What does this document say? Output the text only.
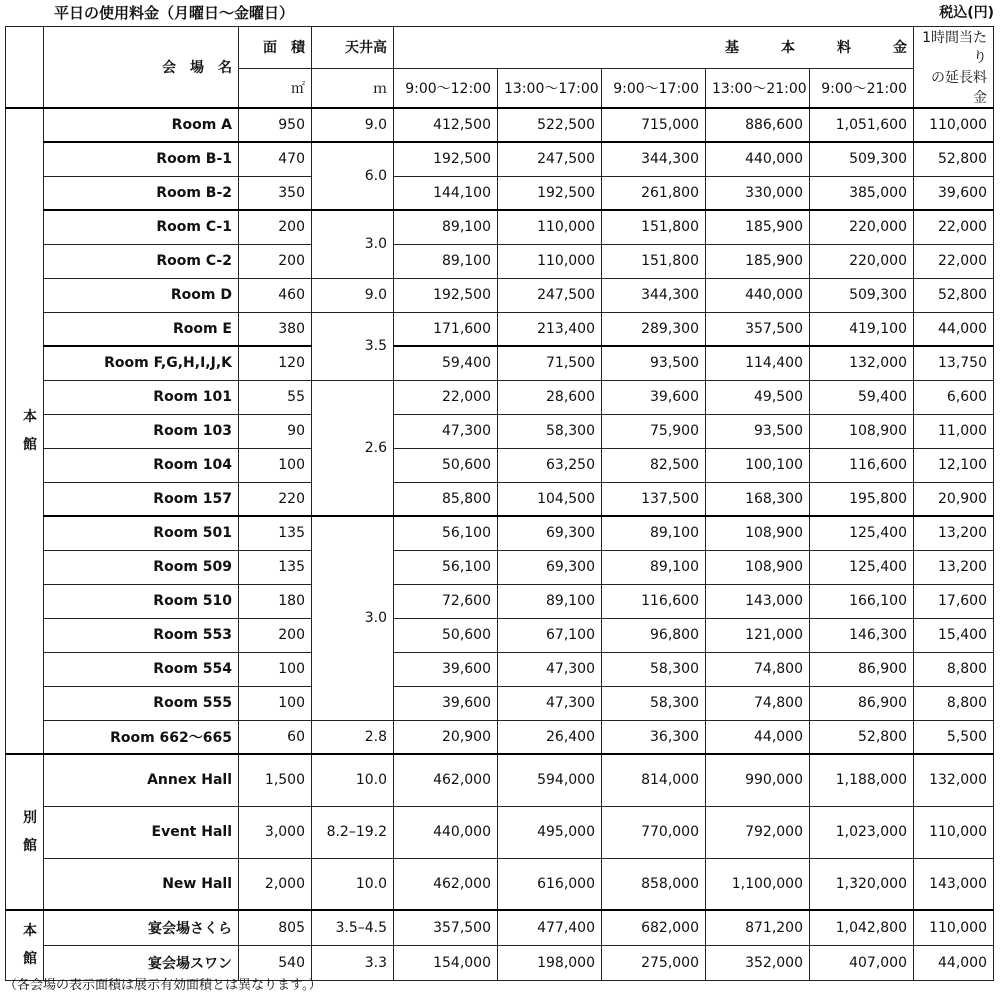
平日の使用料金（月曜日～金曜日）	税込(円)
	会　場　名	面　積	天井高	基　　　本　　　料　　　金					1時間当たり
の延長料金
		㎡	ｍ	9:00～12:00	13:00～17:00	9:00～17:00	13:00～21:00	9:00～21:00	
本
館	Room A	950	9.0	412,500	522,500	715,000	886,600	1,051,600	110,000
	Room B-1	470	6.0	192,500	247,500	344,300	440,000	509,300	52,800
	Room B-2	350		144,100	192,500	261,800	330,000	385,000	39,600
	Room C-1	200	3.0	89,100	110,000	151,800	185,900	220,000	22,000
	Room C-2	200		89,100	110,000	151,800	185,900	220,000	22,000
	Room D	460	9.0	192,500	247,500	344,300	440,000	509,300	52,800
	Room E	380	3.5	171,600	213,400	289,300	357,500	419,100	44,000
	Room F,G,H,I,J,K	120		59,400	71,500	93,500	114,400	132,000	13,750
	Room 101	55	2.6	22,000	28,600	39,600	49,500	59,400	6,600
	Room 103	90		47,300	58,300	75,900	93,500	108,900	11,000
	Room 104	100		50,600	63,250	82,500	100,100	116,600	12,100
	Room 157	220		85,800	104,500	137,500	168,300	195,800	20,900
	Room 501	135	3.0	56,100	69,300	89,100	108,900	125,400	13,200
	Room 509	135		56,100	69,300	89,100	108,900	125,400	13,200
	Room 510	180		72,600	89,100	116,600	143,000	166,100	17,600
	Room 553	200		50,600	67,100	96,800	121,000	146,300	15,400
	Room 554	100		39,600	47,300	58,300	74,800	86,900	8,800
	Room 555	100		39,600	47,300	58,300	74,800	86,900	8,800
	Room 662～665	60	2.8	20,900	26,400	36,300	44,000	52,800	5,500
別
館	Annex Hall	1,500	10.0	462,000	594,000	814,000	990,000	1,188,000	132,000
	Event Hall	3,000	8.2–19.2	440,000	495,000	770,000	792,000	1,023,000	110,000
	New Hall	2,000	10.0	462,000	616,000	858,000	1,100,000	1,320,000	143,000
本
館	宴会場さくら	805	3.5–4.5	357,500	477,400	682,000	871,200	1,042,800	110,000
	宴会場スワン	540	3.3	154,000	198,000	275,000	352,000	407,000	44,000
（各会場の表示面積は展示有効面積とは異なります。）
